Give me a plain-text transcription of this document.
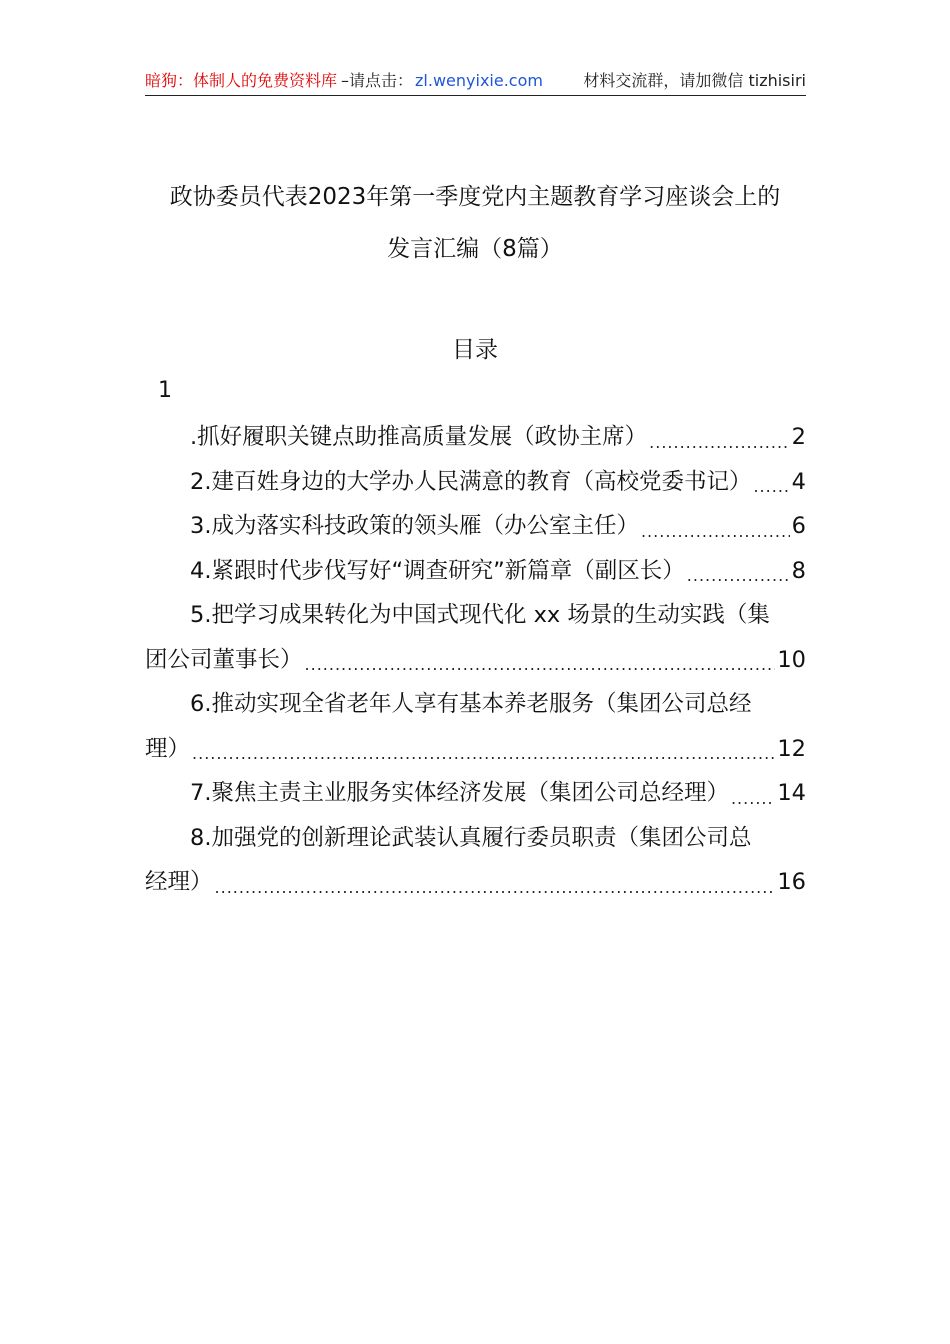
暗狗：体制人的免费资料库 –请点击： zl.wenyixie.com	材料交流群，请加微信 tizhisiri
政协委员代表2023年第一季度党内主题教育学习座谈会上的
发言汇编（8篇）
目录
1
.抓好履职关键点助推高质量发展（政协主席） .....	2
2.建百姓身边的大学办人民满意的教育（高校党委书记） ..... 4
3.成为落实科技政策的领头雁（办公室主任） .....	6
4.紧跟时代步伐写好“调查研究”新篇章（副区长） .....	8
5.把学习成果转化为中国式现代化 xx 场景的生动实践（集
团公司董事长） .....	10
6.推动实现全省老年人享有基本养老服务（集团公司总经
理） .....	12
7.聚焦主责主业服务实体经济发展（集团公司总经理） ..... 14
8.加强党的创新理论武装认真履行委员职责（集团公司总
经理） .....	16
